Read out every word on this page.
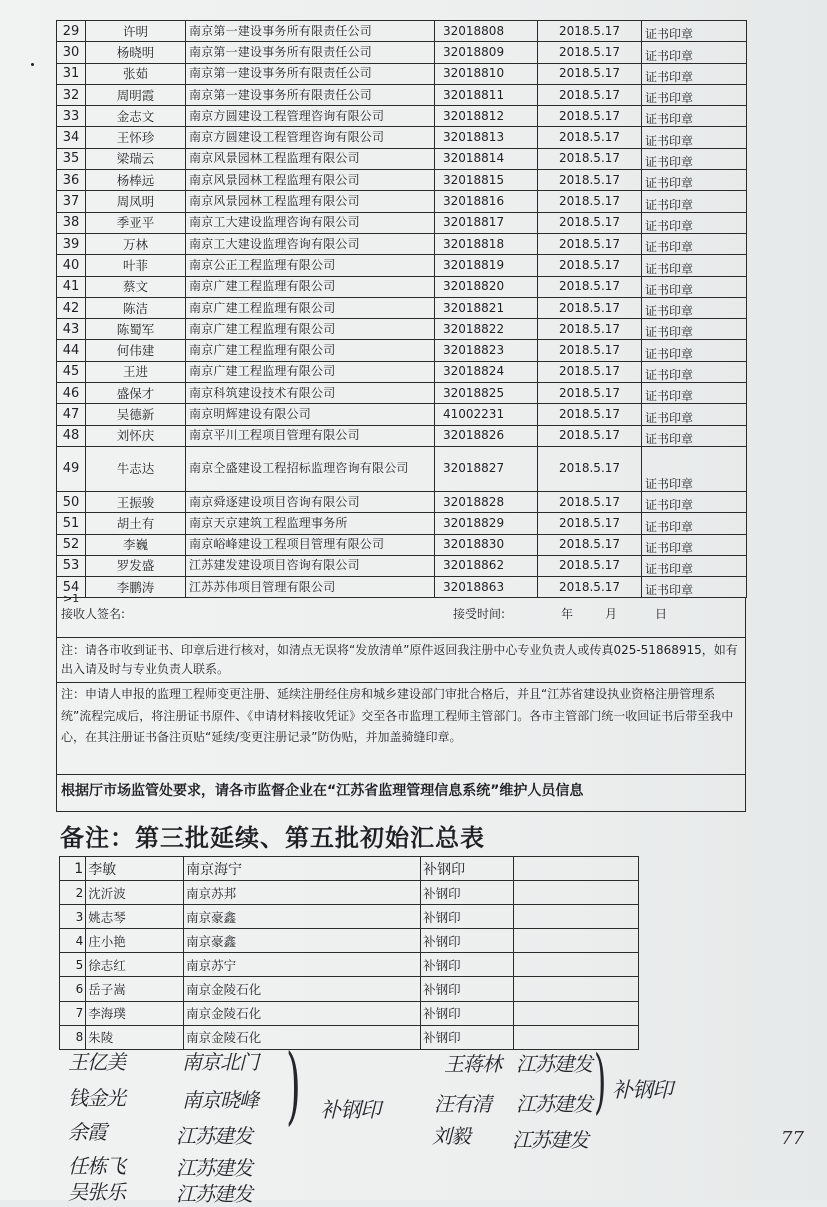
29	许明	南京第一建设事务所有限责任公司	32018808	2018.5.17	证书印章
30	杨晓明	南京第一建设事务所有限责任公司	32018809	2018.5.17	证书印章
31	张茹	南京第一建设事务所有限责任公司	32018810	2018.5.17	证书印章
32	周明霞	南京第一建设事务所有限责任公司	32018811	2018.5.17	证书印章
33	金志文	南京方圆建设工程管理咨询有限公司	32018812	2018.5.17	证书印章
34	王怀珍	南京方圆建设工程管理咨询有限公司	32018813	2018.5.17	证书印章
35	梁瑞云	南京风景园林工程监理有限公司	32018814	2018.5.17	证书印章
36	杨棒远	南京风景园林工程监理有限公司	32018815	2018.5.17	证书印章
37	周凤明	南京风景园林工程监理有限公司	32018816	2018.5.17	证书印章
38	季亚平	南京工大建设监理咨询有限公司	32018817	2018.5.17	证书印章
39	万林	南京工大建设监理咨询有限公司	32018818	2018.5.17	证书印章
40	叶菲	南京公正工程监理有限公司	32018819	2018.5.17	证书印章
41	蔡文	南京广建工程监理有限公司	32018820	2018.5.17	证书印章
42	陈洁	南京广建工程监理有限公司	32018821	2018.5.17	证书印章
43	陈蜀军	南京广建工程监理有限公司	32018822	2018.5.17	证书印章
44	何伟建	南京广建工程监理有限公司	32018823	2018.5.17	证书印章
45	王进	南京广建工程监理有限公司	32018824	2018.5.17	证书印章
46	盛保才	南京科筑建设技术有限公司	32018825	2018.5.17	证书印章
47	吴德新	南京明辉建设有限公司	41002231	2018.5.17	证书印章
48	刘怀庆	南京平川工程项目管理有限公司	32018826	2018.5.17	证书印章
49	牛志达	南京仝盛建设工程招标监理咨询有限公司	32018827	2018.5.17	证书印章
50	王振骏	南京舜逐建设项目咨询有限公司	32018828	2018.5.17	证书印章
51	胡土有	南京天京建筑工程监理事务所	32018829	2018.5.17	证书印章
52	李巍	南京峪峰建设工程项目管理有限公司	32018830	2018.5.17	证书印章
53	罗发盛	江苏建发建设项目咨询有限公司	32018862	2018.5.17	证书印章
54	李鹏涛	江苏苏伟项目管理有限公司	32018863	2018.5.17	证书印章
>1
接收人签名:	接受时间:	年	月	日
注：请各市收到证书、印章后进行核对，如清点无误将“发放清单”原件返回我注册中心专业负责人或传真025-51868915，如有出入请及时与专业负责人联系。
注：申请人申报的监理工程师变更注册、延续注册经住房和城乡建设部门审批合格后，并且“江苏省建设执业资格注册管理系统”流程完成后，将注册证书原件、《申请材料接收凭证》交至各市监理工程师主管部门。各市主管部门统一收回证书后带至我中心，在其注册证书备注页贴“延续/变更注册记录”防伪贴，并加盖骑缝印章。
根据厅市场监管处要求，请各市监督企业在“江苏省监理管理信息系统”维护人员信息
备注：第三批延续、第五批初始汇总表
1	李敏	南京海宁	补钢印	
2	沈沂波	南京苏邦	补钢印	
3	姚志琴	南京豪鑫	补钢印	
4	庄小艳	南京豪鑫	补钢印	
5	徐志红	南京苏宁	补钢印	
6	岳子嵩	南京金陵石化	补钢印	
7	李海璞	南京金陵石化	补钢印	
8	朱陵	南京金陵石化	补钢印	
王亿美
钱金光
余霞
任栋飞
吴张乐
南京北门
南京晓峰
江苏建发
江苏建发
江苏建发
) 补钢印
王蒋林
汪有清
刘毅
江苏建发
江苏建发
江苏建发
) 补钢印
77
